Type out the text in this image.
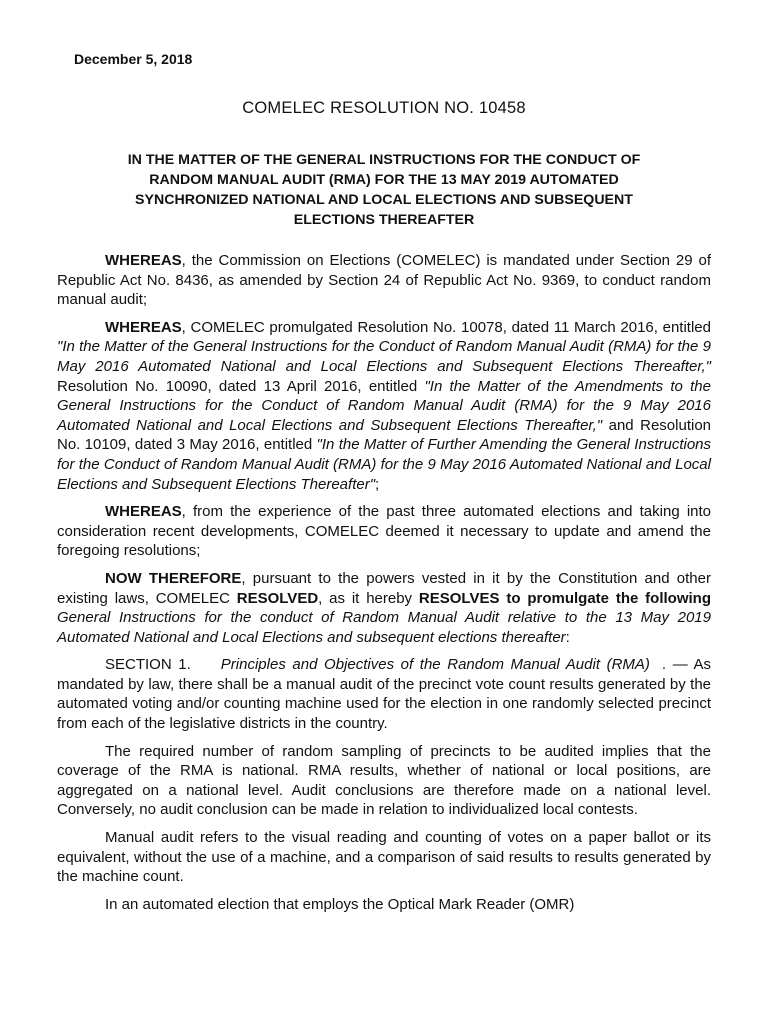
December 5, 2018
COMELEC RESOLUTION NO. 10458
IN THE MATTER OF THE GENERAL INSTRUCTIONS FOR THE CONDUCT OF
RANDOM MANUAL AUDIT (RMA) FOR THE 13 MAY 2019 AUTOMATED
SYNCHRONIZED NATIONAL AND LOCAL ELECTIONS AND SUBSEQUENT
ELECTIONS THEREAFTER

WHEREAS, the Commission on Elections (COMELEC) is mandated under Section 29 of Republic Act No. 8436, as amended by Section 24 of Republic Act No. 9369, to conduct random manual audit;

WHEREAS, COMELEC promulgated Resolution No. 10078, dated 11 March 2016, entitled "In the Matter of the General Instructions for the Conduct of Random Manual Audit (RMA) for the 9 May 2016 Automated National and Local Elections and Subsequent Elections Thereafter," Resolution No. 10090, dated 13 April 2016, entitled "In the Matter of the Amendments to the General Instructions for the Conduct of Random Manual Audit (RMA) for the 9 May 2016 Automated National and Local Elections and Subsequent Elections Thereafter," and Resolution No. 10109, dated 3 May 2016, entitled "In the Matter of Further Amending the General Instructions for the Conduct of Random Manual Audit (RMA) for the 9 May 2016 Automated National and Local Elections and Subsequent Elections Thereafter";

WHEREAS, from the experience of the past three automated elections and taking into consideration recent developments, COMELEC deemed it necessary to update and amend the foregoing resolutions;

NOW THEREFORE, pursuant to the powers vested in it by the Constitution and other existing laws, COMELEC RESOLVED, as it hereby RESOLVES to promulgate the following General Instructions for the conduct of Random Manual Audit relative to the 13 May 2019 Automated National and Local Elections and subsequent elections thereafter:

SECTION 1. Principles and Objectives of the Random Manual Audit (RMA) . — As mandated by law, there shall be a manual audit of the precinct vote count results generated by the automated voting and/or counting machine used for the election in one randomly selected precinct from each of the legislative districts in the country.

The required number of random sampling of precincts to be audited implies that the coverage of the RMA is national. RMA results, whether of national or local positions, are aggregated on a national level. Audit conclusions are therefore made on a national level. Conversely, no audit conclusion can be made in relation to individualized local contests.

Manual audit refers to the visual reading and counting of votes on a paper ballot or its equivalent, without the use of a machine, and a comparison of said results to results generated by the machine count.

In an automated election that employs the Optical Mark Reader (OMR)
